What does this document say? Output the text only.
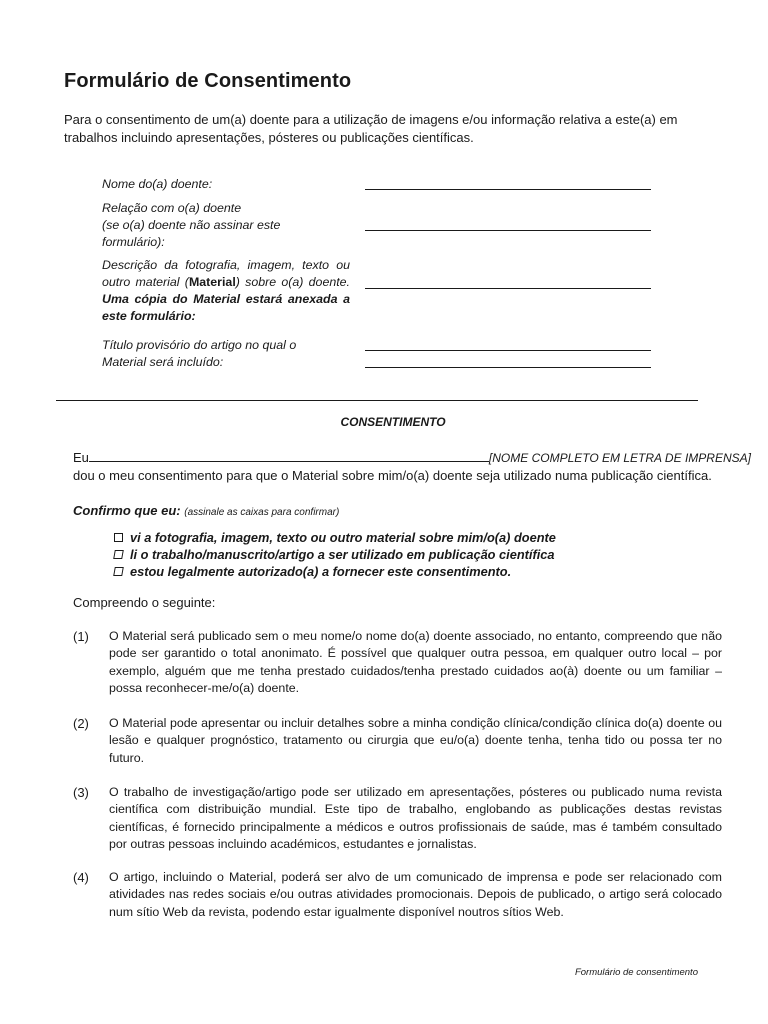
Formulário de Consentimento

Para o consentimento de um(a) doente para a utilização de imagens e/ou informação relativa a este(a) em trabalhos incluindo apresentações, pósteres ou publicações científicas.

Nome do(a) doente:
Relação com o(a) doente
(se o(a) doente não assinar este
formulário):
Descrição da fotografia, imagem, texto ou outro material (Material) sobre o(a) doente. Uma cópia do Material estará anexada a este formulário:
Título provisório do artigo no qual o
Material será incluído:
CONSENTIMENTO
Eu	[NOME COMPLETO EM LETRA DE IMPRENSA]
dou o meu consentimento para que o Material sobre mim/o(a) doente seja utilizado numa publicação científica.
Confirmo que eu: (assinale as caixas para confirmar)
vi a fotografia, imagem, texto ou outro material sobre mim/o(a) doente
li o trabalho/manuscrito/artigo a ser utilizado em publicação científica
estou legalmente autorizado(a) a fornecer este consentimento.
Compreendo o seguinte:
(1) O Material será publicado sem o meu nome/o nome do(a) doente associado, no entanto, compreendo que não pode ser garantido o total anonimato. É possível que qualquer outra pessoa, em qualquer outro local – por exemplo, alguém que me tenha prestado cuidados/tenha prestado cuidados ao(à) doente ou um familiar – possa reconhecer-me/o(a) doente.
(2) O Material pode apresentar ou incluir detalhes sobre a minha condição clínica/condição clínica do(a) doente ou lesão e qualquer prognóstico, tratamento ou cirurgia que eu/o(a) doente tenha, tenha tido ou possa ter no futuro.
(3) O trabalho de investigação/artigo pode ser utilizado em apresentações, pósteres ou publicado numa revista científica com distribuição mundial. Este tipo de trabalho, englobando as publicações destas revistas científicas, é fornecido principalmente a médicos e outros profissionais de saúde, mas é também consultado por outras pessoas incluindo académicos, estudantes e jornalistas.
(4) O artigo, incluindo o Material, poderá ser alvo de um comunicado de imprensa e pode ser relacionado com atividades nas redes sociais e/ou outras atividades promocionais. Depois de publicado, o artigo será colocado num sítio Web da revista, podendo estar igualmente disponível noutros sítios Web.
Formulário de consentimento
